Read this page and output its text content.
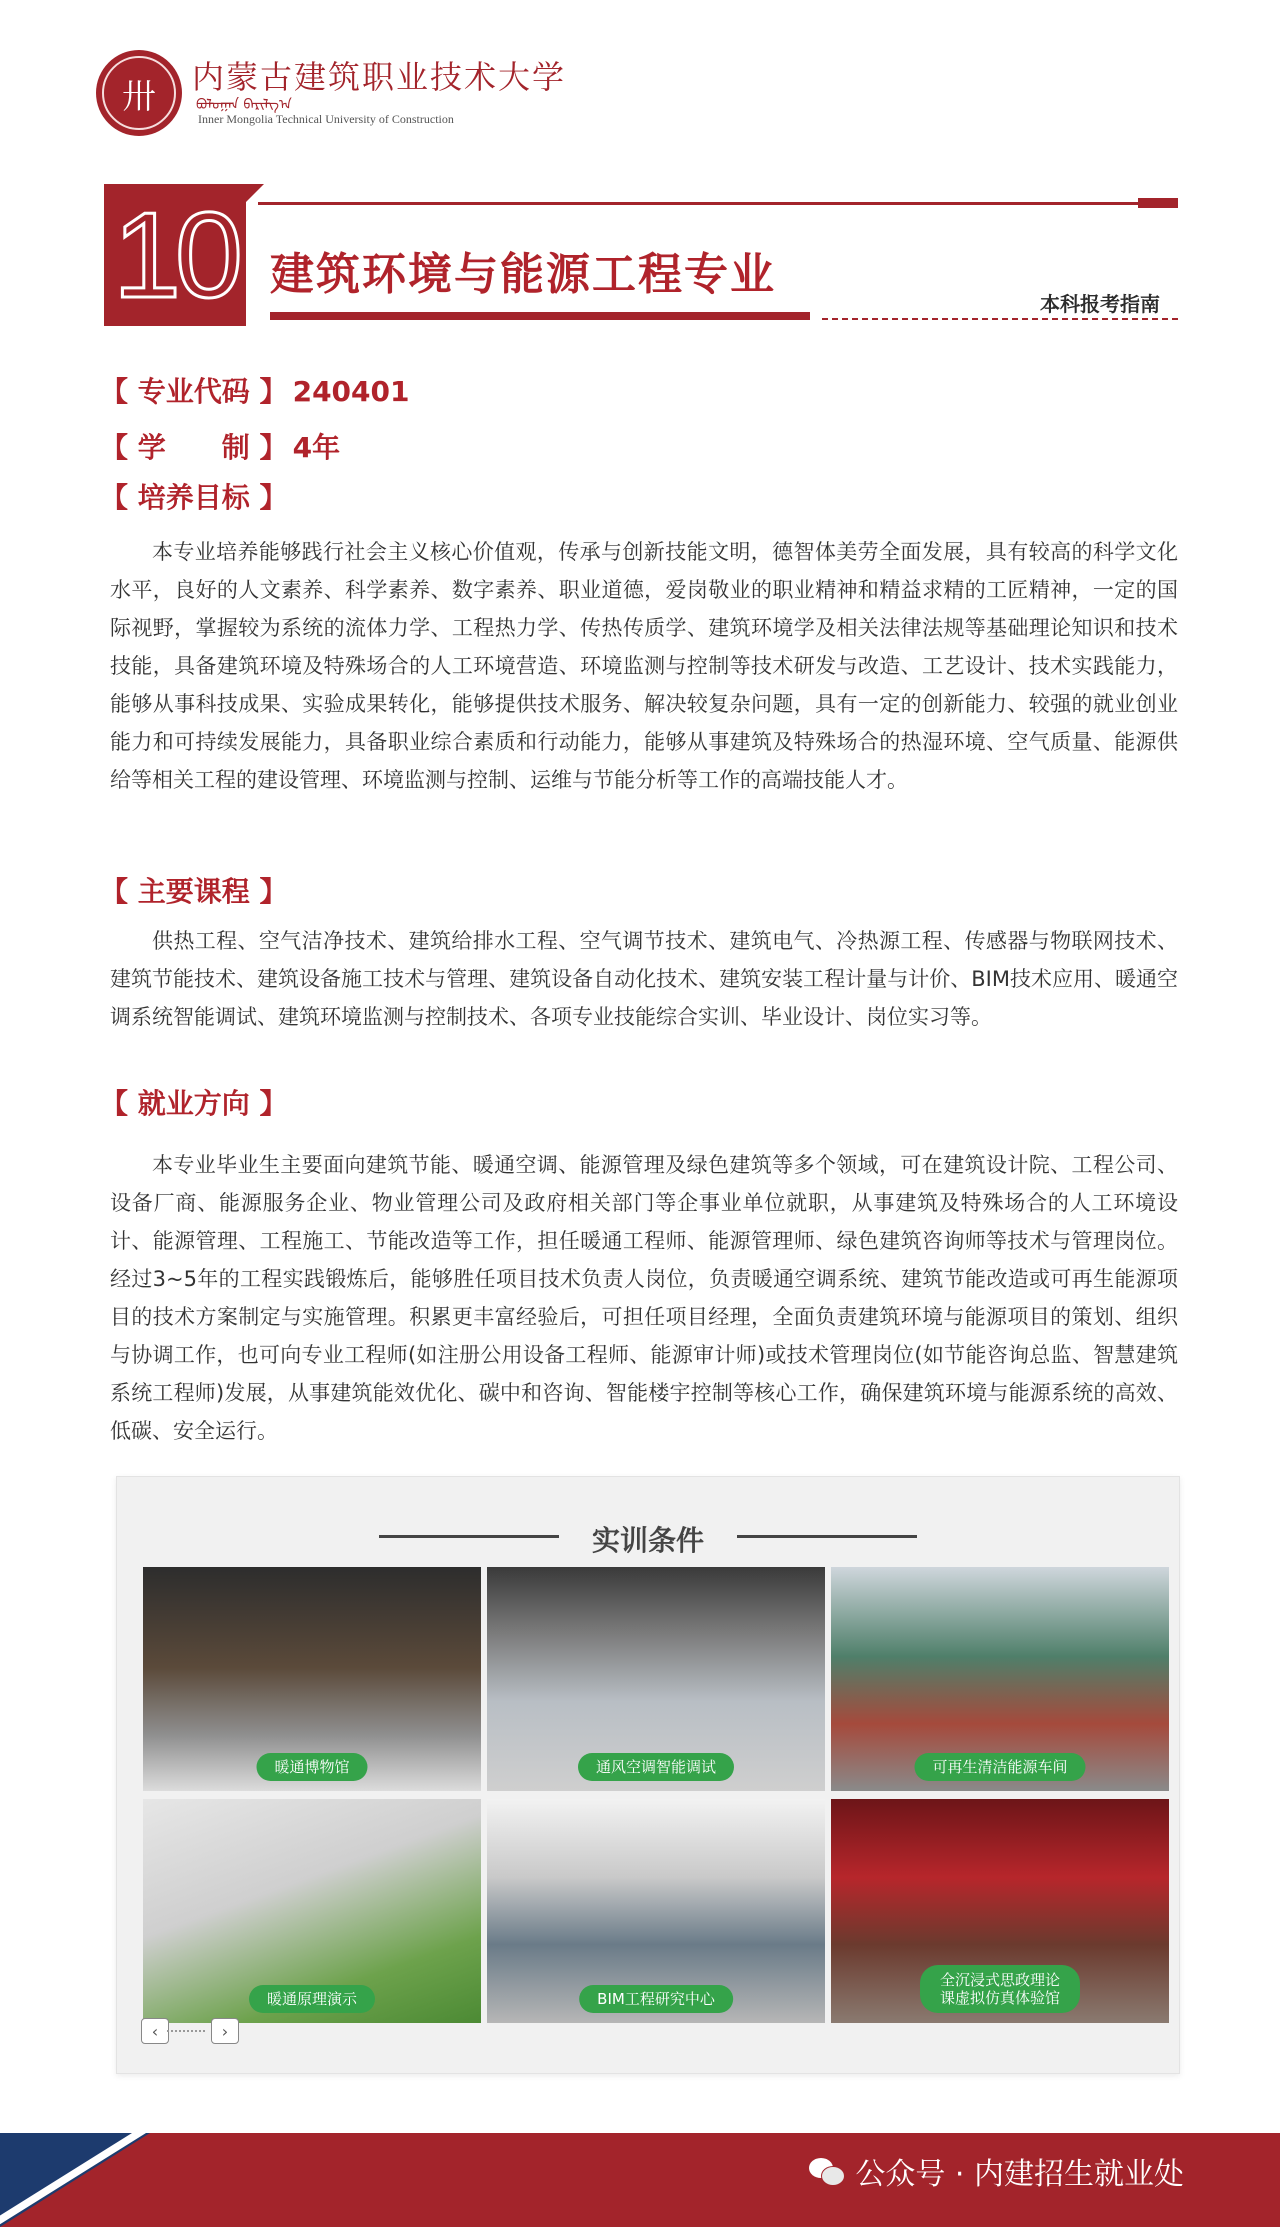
卅 内蒙古建筑职业技术大学
ᠪᠣᠯᠤᠭᠠᠨ ᠪᠠᠷᠢᠯᠭ᠎ᠠ
Inner Mongolia Technical University of Construction
10 建筑环境与能源工程专业
本科报考指南
【 专业代码 】 240401
【 学　　制 】 4年
【 培养目标 】

本专业培养能够践行社会主义核心价值观，传承与创新技能文明，德智体美劳全面发展，具有较高的科学文化水平，良好的人文素养、科学素养、数字素养、职业道德，爱岗敬业的职业精神和精益求精的工匠精神，一定的国际视野，掌握较为系统的流体力学、工程热力学、传热传质学、建筑环境学及相关法律法规等基础理论知识和技术技能，具备建筑环境及特殊场合的人工环境营造、环境监测与控制等技术研发与改造、工艺设计、技术实践能力，能够从事科技成果、实验成果转化，能够提供技术服务、解决较复杂问题，具有一定的创新能力、较强的就业创业能力和可持续发展能力，具备职业综合素质和行动能力，能够从事建筑及特殊场合的热湿环境、空气质量、能源供给等相关工程的建设管理、环境监测与控制、运维与节能分析等工作的高端技能人才。

【 主要课程 】

供热工程、空气洁净技术、建筑给排水工程、空气调节技术、建筑电气、冷热源工程、传感器与物联网技术、建筑节能技术、建筑设备施工技术与管理、建筑设备自动化技术、建筑安装工程计量与计价、BIM技术应用、暖通空调系统智能调试、建筑环境监测与控制技术、各项专业技能综合实训、毕业设计、岗位实习等。

【 就业方向 】

本专业毕业生主要面向建筑节能、暖通空调、能源管理及绿色建筑等多个领域，可在建筑设计院、工程公司、设备厂商、能源服务企业、物业管理公司及政府相关部门等企事业单位就职，从事建筑及特殊场合的人工环境设计、能源管理、工程施工、节能改造等工作，担任暖通工程师、能源管理师、绿色建筑咨询师等技术与管理岗位。经过3~5年的工程实践锻炼后，能够胜任项目技术负责人岗位，负责暖通空调系统、建筑节能改造或可再生能源项目的技术方案制定与实施管理。积累更丰富经验后，可担任项目经理，全面负责建筑环境与能源项目的策划、组织与协调工作，也可向专业工程师(如注册公用设备工程师、能源审计师)或技术管理岗位(如节能咨询总监、智慧建筑系统工程师)发展，从事建筑能效优化、碳中和咨询、智能楼宇控制等核心工作，确保建筑环境与能源系统的高效、低碳、安全运行。

实训条件
暖通博物馆	通风空调智能调试	可再生清洁能源车间
暖通原理演示	BIM工程研究中心
全沉浸式思政理论
课虚拟仿真体验馆
‹	›
公众号 · 内建招生就业处
